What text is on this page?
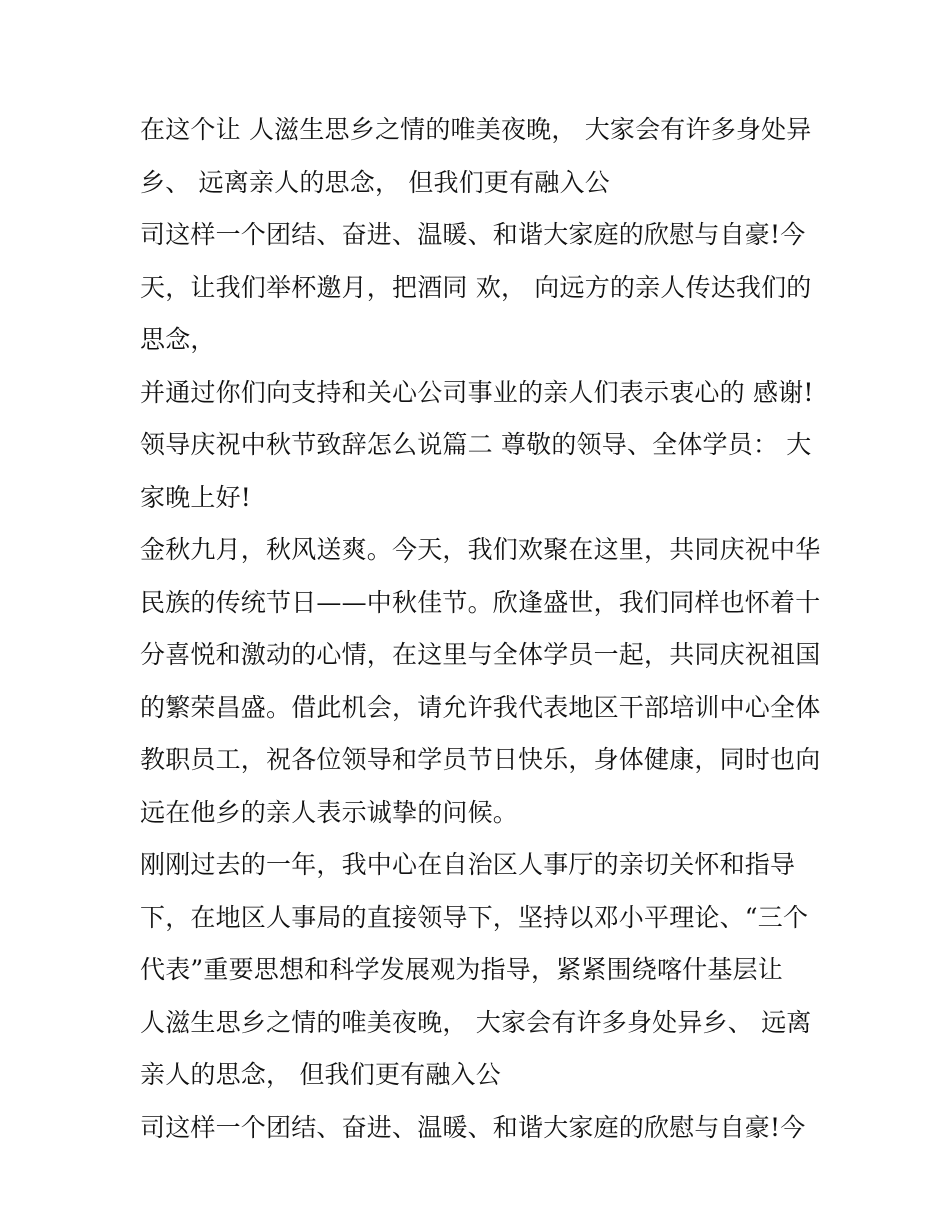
在这个让 人滋生思乡之情的唯美夜晚， 大家会有许多身处异
乡、 远离亲人的思念， 但我们更有融入公
司这样一个团结、奋进、温暖、和谐大家庭的欣慰与自豪!今
天，让我们举杯邀月，把酒同 欢， 向远方的亲人传达我们的
思念，
并通过你们向支持和关心公司事业的亲人们表示衷心的 感谢!
领导庆祝中秋节致辞怎么说篇二 尊敬的领导、全体学员： 大
家晚上好!
金秋九月，秋风送爽。今天，我们欢聚在这里，共同庆祝中华
民族的传统节日——中秋佳节。欣逢盛世，我们同样也怀着十
分喜悦和激动的心情，在这里与全体学员一起，共同庆祝祖国
的繁荣昌盛。借此机会，请允许我代表地区干部培训中心全体
教职员工，祝各位领导和学员节日快乐，身体健康，同时也向
远在他乡的亲人表示诚挚的问候。
刚刚过去的一年，我中心在自治区人事厅的亲切关怀和指导
下，在地区人事局的直接领导下，坚持以邓小平理论、“三个
代表”重要思想和科学发展观为指导，紧紧围绕喀什基层让
人滋生思乡之情的唯美夜晚， 大家会有许多身处异乡、 远离
亲人的思念， 但我们更有融入公
司这样一个团结、奋进、温暖、和谐大家庭的欣慰与自豪!今
